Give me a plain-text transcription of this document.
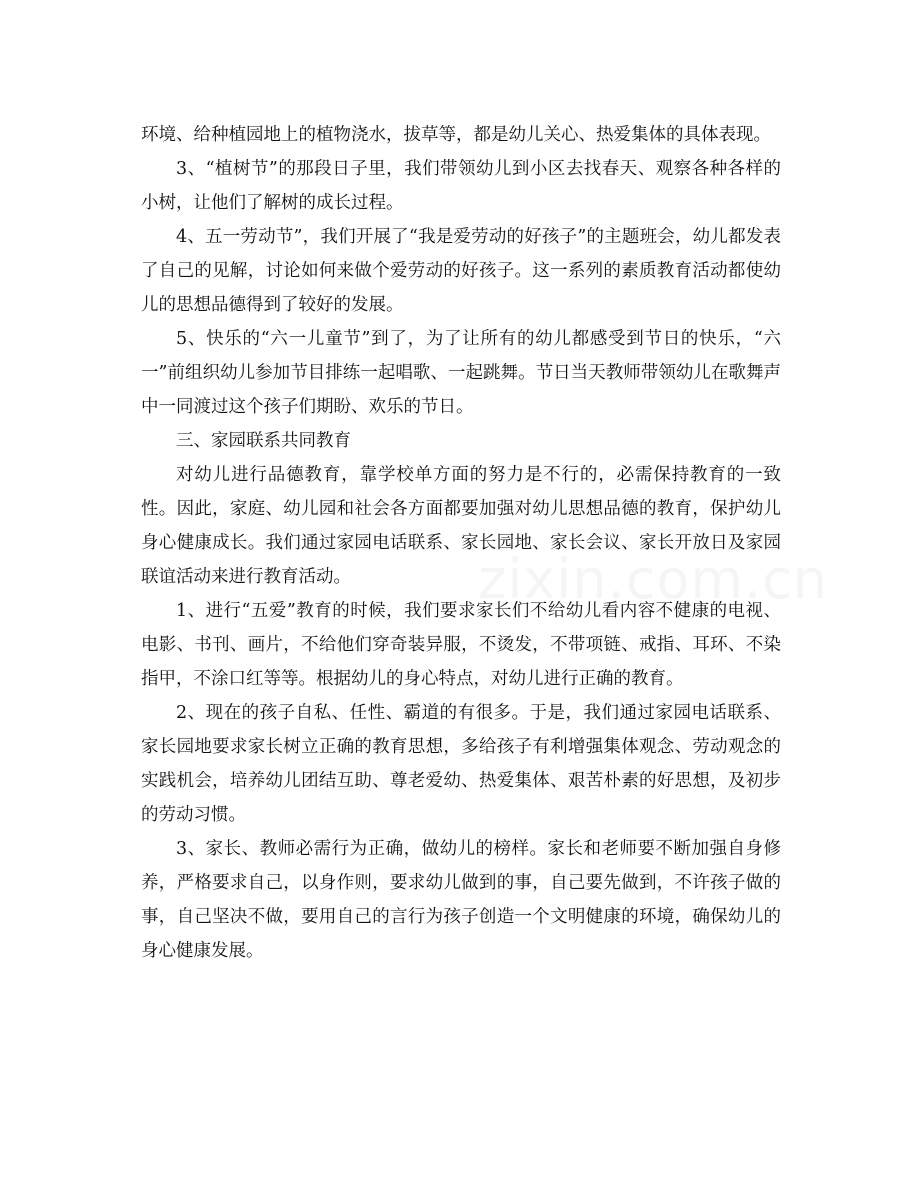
环境、给种植园地上的植物浇水，拔草等，都是幼儿关心、热爱集体的具体表现。

3、“植树节”的那段日子里，我们带领幼儿到小区去找春天、观察各种各样的小树，让他们了解树的成长过程。

4、五一劳动节”，我们开展了“我是爱劳动的好孩子”的主题班会，幼儿都发表了自己的见解，讨论如何来做个爱劳动的好孩子。这一系列的素质教育活动都使幼儿的思想品德得到了较好的发展。

5、快乐的“六一儿童节”到了，为了让所有的幼儿都感受到节日的快乐，“六一”前组织幼儿参加节目排练一起唱歌、一起跳舞。节日当天教师带领幼儿在歌舞声中一同渡过这个孩子们期盼、欢乐的节日。

三、家园联系共同教育

对幼儿进行品德教育，靠学校单方面的努力是不行的，必需保持教育的一致性。因此，家庭、幼儿园和社会各方面都要加强对幼儿思想品德的教育，保护幼儿身心健康成长。我们通过家园电话联系、家长园地、家长会议、家长开放日及家园联谊活动来进行教育活动。

1、进行“五爱”教育的时候，我们要求家长们不给幼儿看内容不健康的电视、电影、书刊、画片，不给他们穿奇装异服，不烫发，不带项链、戒指、耳环、不染指甲，不涂口红等等。根据幼儿的身心特点，对幼儿进行正确的教育。

2、现在的孩子自私、任性、霸道的有很多。于是，我们通过家园电话联系、家长园地要求家长树立正确的教育思想，多给孩子有利增强集体观念、劳动观念的实践机会，培养幼儿团结互助、尊老爱幼、热爱集体、艰苦朴素的好思想，及初步的劳动习惯。

3、家长、教师必需行为正确，做幼儿的榜样。家长和老师要不断加强自身修养，严格要求自己，以身作则，要求幼儿做到的事，自己要先做到，不许孩子做的事，自己坚决不做，要用自己的言行为孩子创造一个文明健康的环境，确保幼儿的身心健康发展。

zixin.com.cn
